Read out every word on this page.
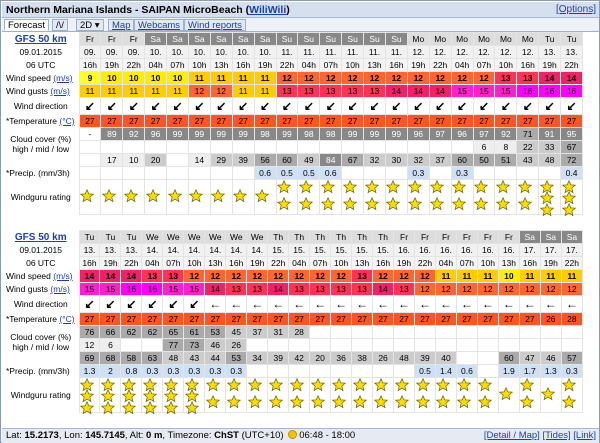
Northern Mariana Islands - SAIPAN MicroBeach (WiliWili)	[Options]
Forecast	/\/	2D ▾	Map Webcams Wind reports
GFS 50 km	Fr	Fr	Fr	Sa	Sa	Sa	Sa	Sa	Sa	Su	Su	Su	Su	Su	Su	Mo	Mo	Mo	Mo	Mo	Mo	Tu	Tu
09.01.2015	09.	09.	09.	10.	10.	10.	10.	10.	10.	11.	11.	11.	11.	11.	11.	12.	12.	12.	12.	12.	12.	13.	13.
06 UTC	16h	19h	22h	04h	07h	10h	13h	16h	19h	22h	04h	07h	10h	13h	16h	19h	22h	04h	07h	10h	16h	19h	22h
Wind speed (m/s)	9	10	10	10	10	11	11	11	11	12	12	12	12	12	12	12	12	12	12	13	13	14	14
Wind gusts (m/s)	11	11	11	11	11	12	12	11	11	13	13	13	13	13	14	14	14	15	15	15	16	16	16
Wind direction	↙	↙	↙	↙	↙	↙	↙	↙	↙	↙	↙	↙	↙	↙	↙	↙	↙	↙	↙	↙	↙	↙	↙
*Temperature (°C)	27	27	27	27	27	27	27	27	27	27	27	27	27	27	27	27	27	27	27	27	27	27	27
	-	89	92	96	99	99	99	99	98	99	98	98	99	99	99	96	97	96	97	92	71	91	95

Cloud cover (%)
high / mid / low																			6	8	22	33	67
		17	10	20		14	29	39	56	60	49	84	67	32	30	32	37	60	50	51	43	48	72
*Precip. (mm/3h)									0.6	0.5	0.5	0.6				0.3		0.3					0.4
Windguru rating	

GFS 50 km	Tu	Tu	Tu	We	We	We	We	We	We	Th	Th	Th	Th	Th	Th	Fr	Fr	Fr	Fr	Fr	Fr	Sa	Sa	Sa
09.01.2015	13.	13.	13.	14.	14.	14.	14.	14.	14.	15.	15.	15.	15.	15.	15.	16.	16.	16.	16.	16.	16.	17.	17.	17.
06 UTC	16h	19h	22h	04h	07h	10h	13h	16h	19h	22h	04h	07h	10h	13h	16h	19h	22h	04h	07h	10h	13h	16h	19h	22h
Wind speed (m/s)	14	14	14	13	13	12	12	12	12	12	12	12	12	13	12	12	12	11	11	11	10	11	11	11
Wind gusts (m/s)	15	15	16	16	15	15	14	13	13	14	13	13	13	13	14	13	12	12	12	12	12	12	12	12
Wind direction	↙	↙	↙	↙	↙	↙	←	←	←	←	←	←	←	←	←	←	←	←	←	←	←	←	←	←
*Temperature (°C)	27	27	27	27	27	27	27	27	27	27	27	27	27	27	27	27	27	27	27	27	27	27	26	28
	76	66	62	62	65	61	53	45	37	31	28													

Cloud cover (%)
high / mid / low	12	6			77	73	46	26																
	69	68	58	63	48	43	44	53	34	39	42	20	36	38	26	48	39	40			60	47	46	57
*Precip. (mm/3h)	1.3	2	0.8	0.3	0.3	0.3	0.3	0.3									0.5	1.4	0.6		1.9	1.7	1.3	0.3
Windguru rating	

Lat: 15.2173, Lon: 145.7145, Alt: 0 m, Timezone: ChST (UTC+10) 06:48 - 18:00	[Detail / Map] [Tides] [Link]
